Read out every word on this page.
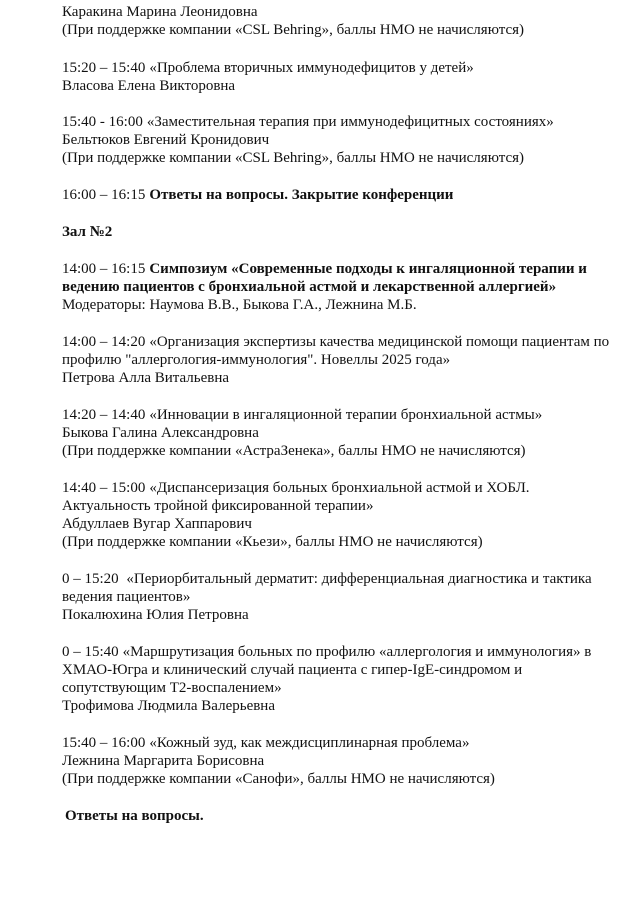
Каракина Марина Леонидовна
(При поддержке компании «CSL Behring», баллы НМО не начисляются)
15:20 – 15:40 «Проблема вторичных иммунодефицитов у детей»
Власова Елена Викторовна
15:40 - 16:00 «Заместительная терапия при иммунодефицитных состояниях»
Бельтюков Евгений Кронидович
(При поддержке компании «CSL Behring», баллы НМО не начисляются)
16:00 – 16:15 Ответы на вопросы. Закрытие конференции
Зал №2
14:00 – 16:15 Симпозиум «Современные подходы к ингаляционной терапии и
ведению пациентов с бронхиальной астмой и лекарственной аллергией»
Модераторы: Наумова В.В., Быкова Г.А., Лежнина М.Б.
14:00 – 14:20 «Организация экспертизы качества медицинской помощи пациентам по
профилю "аллергология-иммунология". Новеллы 2025 года»
Петрова Алла Витальевна
14:20 – 14:40 «Инновации в ингаляционной терапии бронхиальной астмы»
Быкова Галина Александровна
(При поддержке компании «АстраЗенека», баллы НМО не начисляются)
14:40 – 15:00 «Диспансеризация больных бронхиальной астмой и ХОБЛ.
Актуальность тройной фиксированной терапии»
Абдуллаев Вугар Хаппарович
(При поддержке компании «Кьези», баллы НМО не начисляются)
0 – 15:20 «Периорбитальный дерматит: дифференциальная диагностика и тактика
ведения пациентов»
Покалюхина Юлия Петровна
0 – 15:40 «Маршрутизация больных по профилю «аллергология и иммунология» в
ХМАО-Югра и клинический случай пациента с гипер-IgE-синдромом и
сопутствующим Т2-воспалением»
Трофимова Людмила Валерьевна
15:40 – 16:00 «Кожный зуд, как междисциплинарная проблема»
Лежнина Маргарита Борисовна
(При поддержке компании «Санофи», баллы НМО не начисляются)
Ответы на вопросы.
